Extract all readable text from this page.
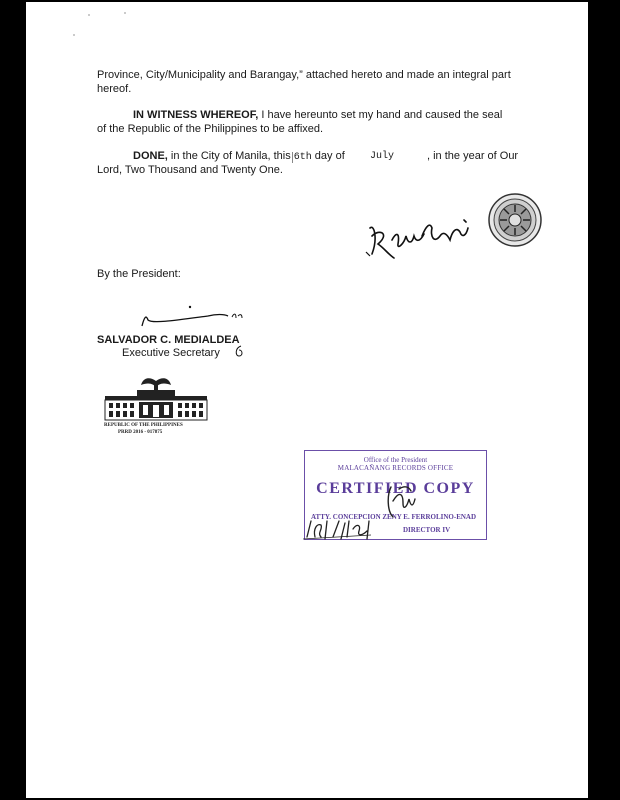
Province, City/Municipality and Barangay,” attached hereto and made an integral part
hereof.
IN WITNESS WHEREOF, I have hereunto set my hand and caused the seal
of the Republic of the Philippines to be affixed.
DONE, in the City of Manila, this 6th day of	July	, in the year of Our
Lord, Two Thousand and Twenty One.
By the President:
SALVADOR C. MEDIALDEA
Executive Secretary
REPUBLIC OF THE PHILIPPINES
PRRD 2016 - 017875
Office of the President
MALACAÑANG RECORDS OFFICE
CERTIFIED COPY
ATTY. CONCEPCION ZENY E. FERROLINO-ENAD
DIRECTOR IV
